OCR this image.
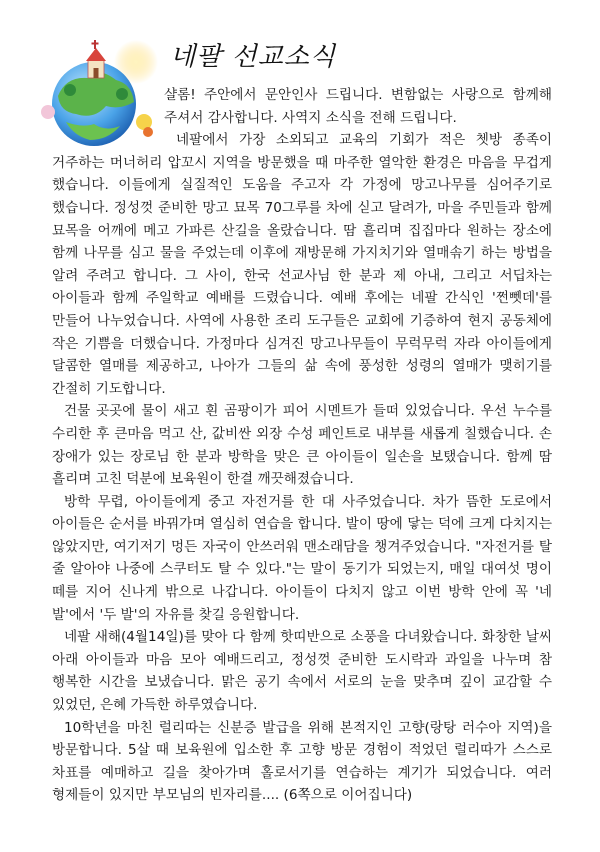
네팔 선교소식

샬롬! 주안에서 문안인사 드립니다. 변함없는 사랑으로 함께해 주셔서 감사합니다. 사역지 소식을 전해 드립니다.

네팔에서 가장 소외되고 교육의 기회가 적은 쳇방 종족이 거주하는 머너허리 압꼬시 지역을 방문했을 때 마주한 열악한 환경은 마음을 무겁게 했습니다. 이들에게 실질적인 도움을 주고자 각 가정에 망고나무를 심어주기로 했습니다. 정성껏 준비한 망고 묘목 70그루를 차에 싣고 달려가, 마을 주민들과 함께 묘목을 어깨에 메고 가파른 산길을 올랐습니다. 땀 흘리며 집집마다 원하는 장소에 함께 나무를 심고 물을 주었는데 이후에 재방문해 가지치기와 열매솎기 하는 방법을 알려 주려고 합니다. 그 사이, 한국 선교사님 한 분과 제 아내, 그리고 서딥차는 아이들과 함께 주일학교 예배를 드렸습니다. 예배 후에는 네팔 간식인 '쩐뻿데'를 만들어 나누었습니다. 사역에 사용한 조리 도구들은 교회에 기증하여 현지 공동체에 작은 기쁨을 더했습니다. 가정마다 심겨진 망고나무들이 무럭무럭 자라 아이들에게 달콤한 열매를 제공하고, 나아가 그들의 삶 속에 풍성한 성령의 열매가 맺히기를 간절히 기도합니다.

건물 곳곳에 물이 새고 흰 곰팡이가 피어 시멘트가 들떠 있었습니다. 우선 누수를 수리한 후 큰마음 먹고 산, 값비싼 외장 수성 페인트로 내부를 새롭게 칠했습니다. 손 장애가 있는 장로님 한 분과 방학을 맞은 큰 아이들이 일손을 보탰습니다. 함께 땀 흘리며 고친 덕분에 보육원이 한결 깨끗해졌습니다.

방학 무렵, 아이들에게 중고 자전거를 한 대 사주었습니다. 차가 뜸한 도로에서 아이들은 순서를 바꿔가며 열심히 연습을 합니다. 발이 땅에 닿는 덕에 크게 다치지는 않았지만, 여기저기 멍든 자국이 안쓰러워 맨소래담을 챙겨주었습니다. "자전거를 탈 줄 알아야 나중에 스쿠터도 탈 수 있다."는 말이 동기가 되었는지, 매일 대여섯 명이 떼를 지어 신나게 밖으로 나갑니다. 아이들이 다치지 않고 이번 방학 안에 꼭 '네 발'에서 '두 발'의 자유를 찾길 응원합니다.

네팔 새해(4월14일)를 맞아 다 함께 핫띠반으로 소풍을 다녀왔습니다. 화창한 날씨 아래 아이들과 마음 모아 예배드리고, 정성껏 준비한 도시락과 과일을 나누며 참 행복한 시간을 보냈습니다. 맑은 공기 속에서 서로의 눈을 맞추며 깊이 교감할 수 있었던, 은혜 가득한 하루였습니다.

10학년을 마친 럴리따는 신분증 발급을 위해 본적지인 고향(랑탕 러수아 지역)을 방문합니다. 5살 때 보육원에 입소한 후 고향 방문 경험이 적었던 럴리따가 스스로 차표를 예매하고 길을 찾아가며 홀로서기를 연습하는 계기가 되었습니다. 여러 형제들이 있지만 부모님의 빈자리를.... (6쪽으로 이어집니다)
